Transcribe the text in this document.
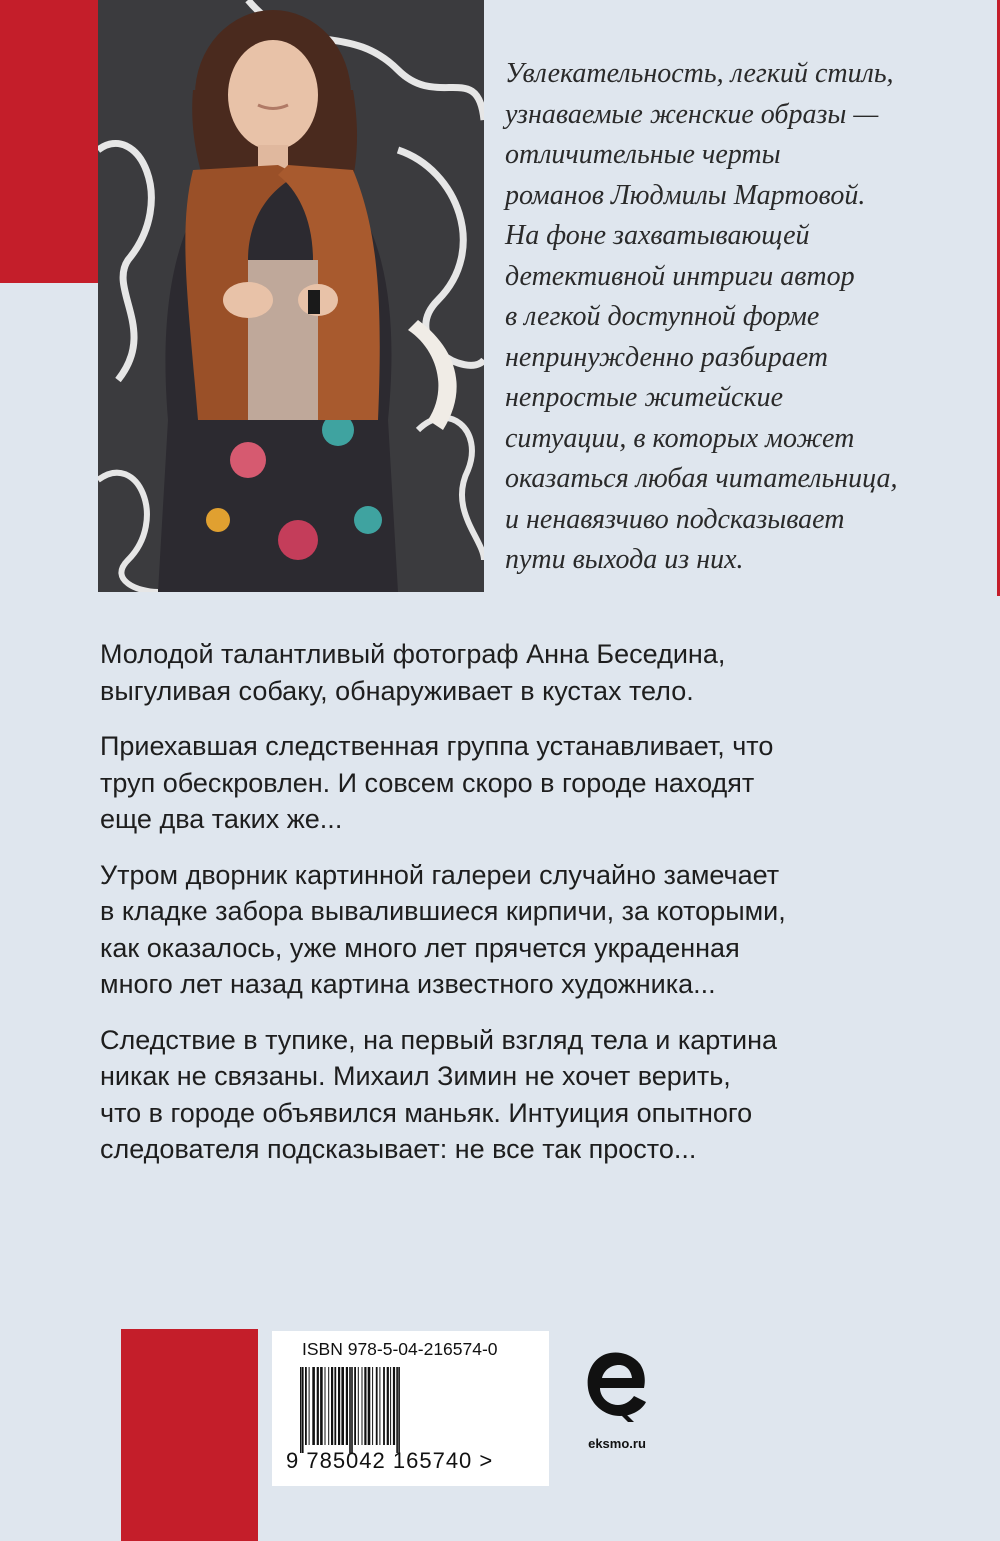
Увлекательность, легкий стиль,
узнаваемые женские образы —
отличительные черты
романов Людмилы Мартовой.
На фоне захватывающей
детективной интриги автор
в легкой доступной форме
непринужденно разбирает
непростые житейские
ситуации, в которых может
оказаться любая читательница,
и ненавязчиво подсказывает
пути выхода из них.
Молодой талантливый фотограф Анна Беседина,
выгуливая собаку, обнаруживает в кустах тело.
Приехавшая следственная группа устанавливает, что
труп обескровлен. И совсем скоро в городе находят
еще два таких же...
Утром дворник картинной галереи случайно замечает
в кладке забора вывалившиеся кирпичи, за которыми,
как оказалось, уже много лет прячется украденная
много лет назад картина известного художника...
Следствие в тупике, на первый взгляд тела и картина
никак не связаны. Михаил Зимин не хочет верить,
что в городе объявился маньяк. Интуиция опытного
следователя подсказывает: не все так просто...
ISBN 978-5-04-216574-0
9 785042 165740 >
eksmo.ru
